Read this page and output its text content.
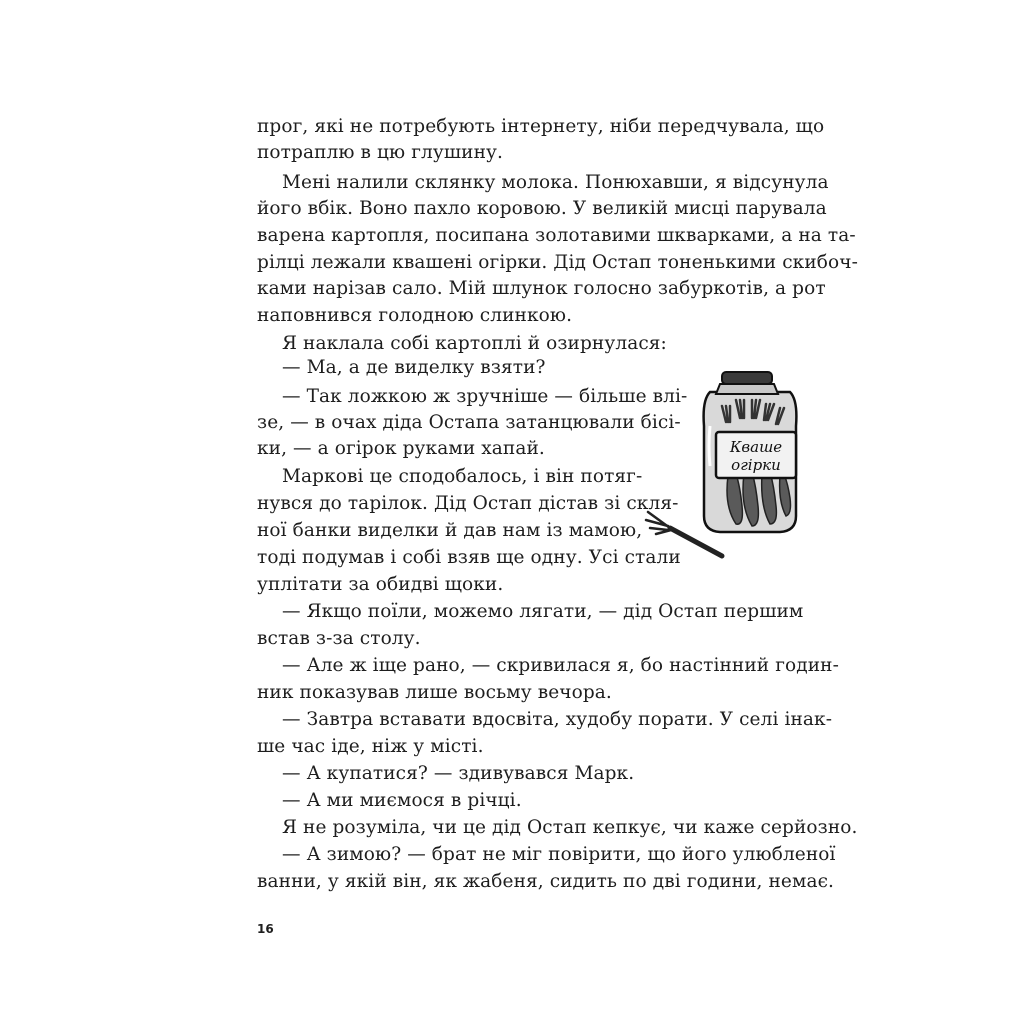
прог, які не потребують інтернету, ніби передчувала, що
потраплю в цю глушину.
Мені налили склянку молока. Понюхавши, я відсунула
його вбік. Воно пахло коровою. У великій мисці парувала
варена картопля, посипана золотавими шкварками, а на та-
рілці лежали квашені огірки. Дід Остап тоненькими скибоч-
ками нарізав сало. Мій шлунок голосно забуркотів, а рот
наповнився голодною слинкою.
Я наклала собі картоплі й озирнулася:
— Ма, а де виделку взяти?
— Так ложкою ж зручніше — більше влі-
зе, — в очах діда Остапа затанцювали бісі-
ки, — а огірок руками хапай.
Маркові це сподобалось, і він потяг-
нувся до тарілок. Дід Остап дістав зі скля-
ної банки виделки й дав нам із мамою,
тоді подумав і собі взяв ще одну. Усі стали
уплітати за обидві щоки.
— Якщо поїли, можемо лягати, — дід Остап першим
встав з-за столу.
— Але ж іще рано, — скривилася я, бо настінний годин-
ник показував лише восьму вечора.
— Завтра вставати вдосвіта, худобу порати. У селі інак-
ше час іде, ніж у місті.
— А купатися? — здивувався Марк.
— А ми миємося в річці.
Я не розуміла, чи це дід Остап кепкує, чи каже серйозно.
— А зимою? — брат не міг повірити, що його улюбленої
ванни, у якій він, як жабеня, сидить по дві години, немає.
Кваше
огірки
16
